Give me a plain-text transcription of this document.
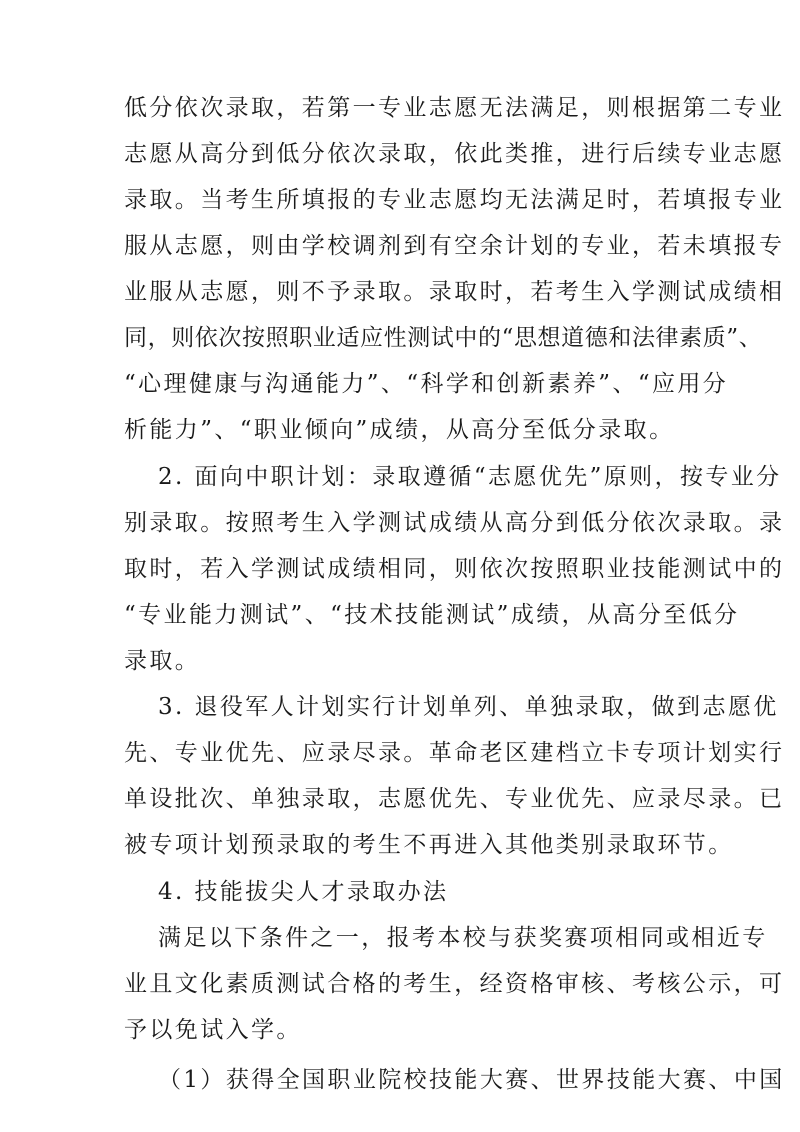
低分依次录取，若第一专业志愿无法满足，则根据第二专业
志愿从高分到低分依次录取，依此类推，进行后续专业志愿
录取。当考生所填报的专业志愿均无法满足时，若填报专业
服从志愿，则由学校调剂到有空余计划的专业，若未填报专
业服从志愿，则不予录取。录取时，若考生入学测试成绩相
同，则依次按照职业适应性测试中的“思想道德和法律素质”、
“心理健康与沟通能力”、“科学和创新素养”、“应用分
析能力”、“职业倾向”成绩，从高分至低分录取。
2. 面向中职计划：录取遵循“志愿优先”原则，按专业分
别录取。按照考生入学测试成绩从高分到低分依次录取。录
取时，若入学测试成绩相同，则依次按照职业技能测试中的
“专业能力测试”、“技术技能测试”成绩，从高分至低分
录取。
3. 退役军人计划实行计划单列、单独录取，做到志愿优
先、专业优先、应录尽录。革命老区建档立卡专项计划实行
单设批次、单独录取，志愿优先、专业优先、应录尽录。已
被专项计划预录取的考生不再进入其他类别录取环节。
4. 技能拔尖人才录取办法
满足以下条件之一，报考本校与获奖赛项相同或相近专
业且文化素质测试合格的考生，经资格审核、考核公示，可
予以免试入学。
（1）获得全国职业院校技能大赛、世界技能大赛、中国
